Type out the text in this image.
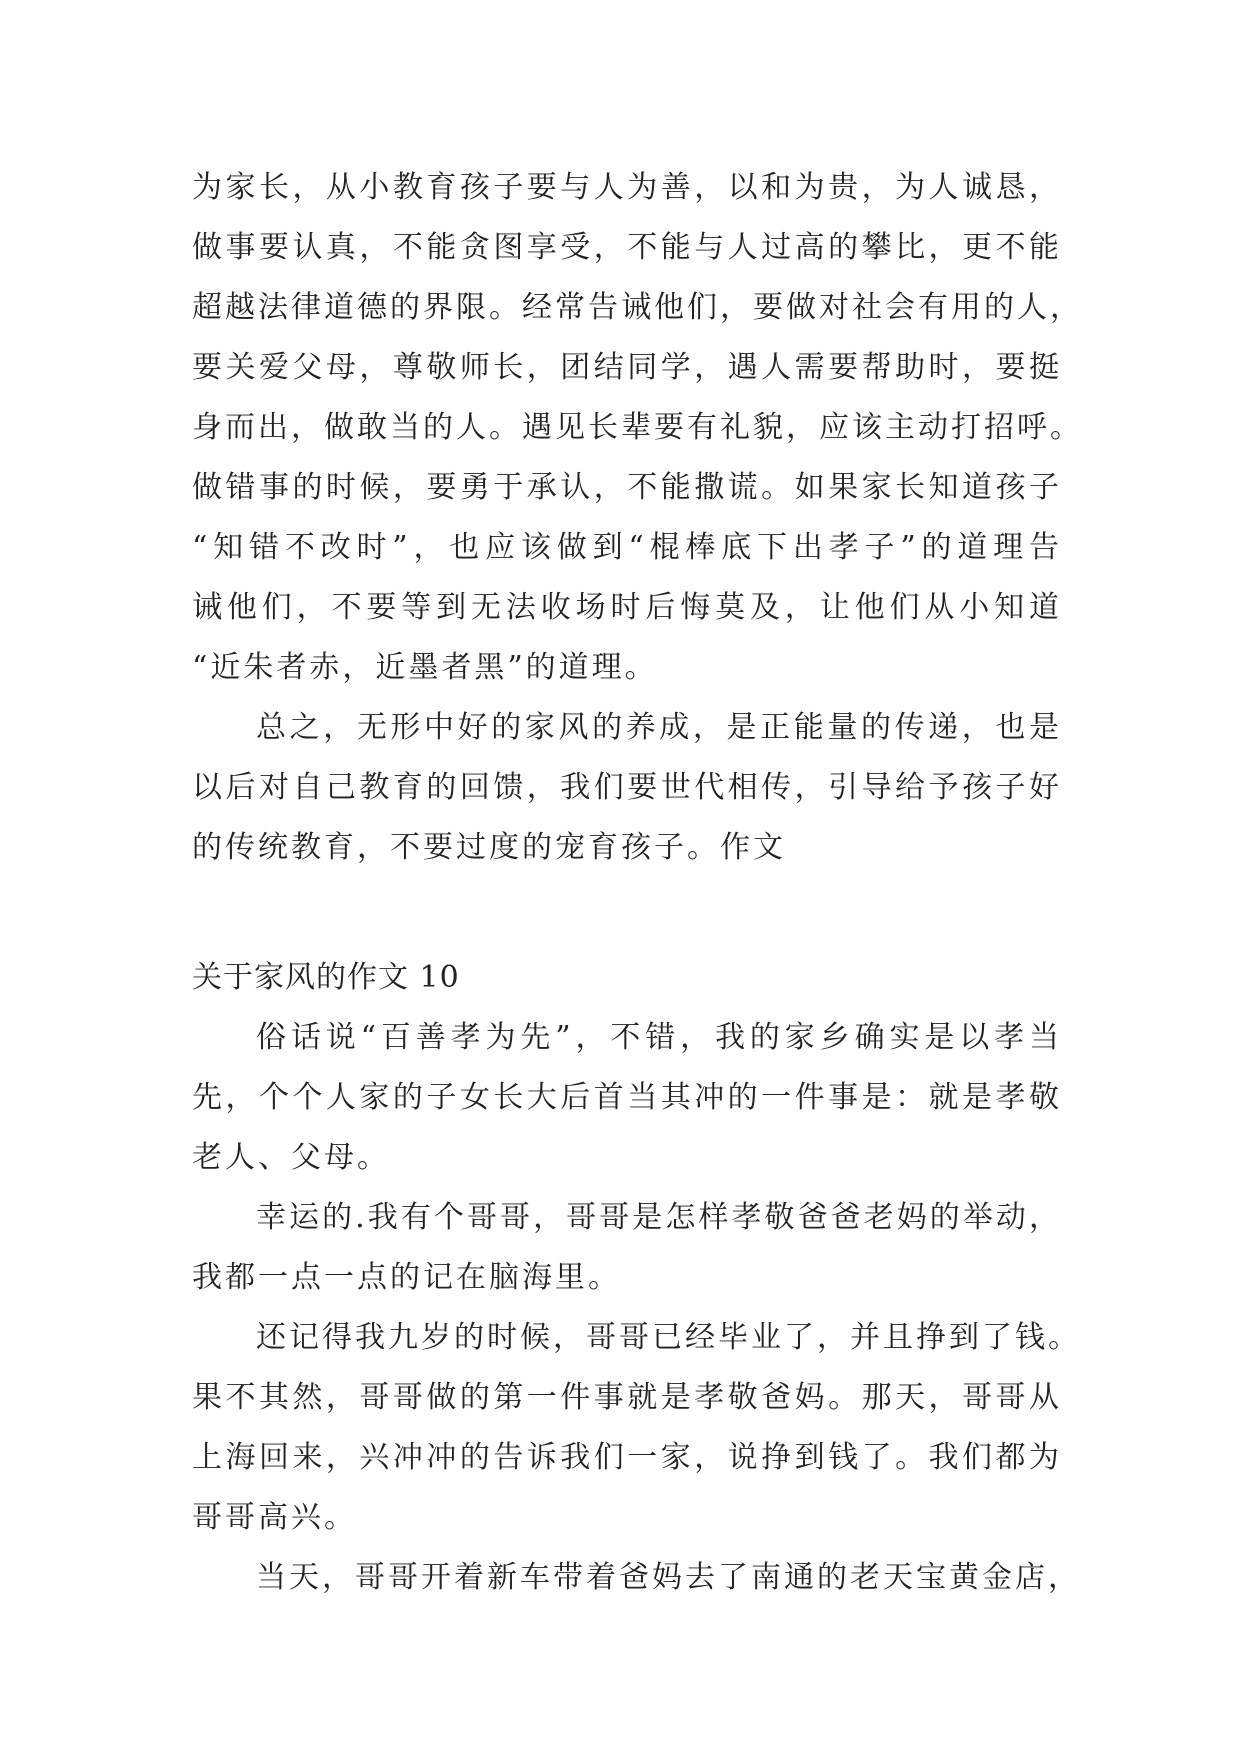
为家长，从小教育孩子要与人为善，以和为贵，为人诚恳，
做事要认真，不能贪图享受，不能与人过高的攀比，更不能
超越法律道德的界限。经常告诫他们，要做对社会有用的人，
要关爱父母，尊敬师长，团结同学，遇人需要帮助时，要挺
身而出，做敢当的人。遇见长辈要有礼貌，应该主动打招呼。
做错事的时候，要勇于承认，不能撒谎。如果家长知道孩子
“知错不改时”，也应该做到“棍棒底下出孝子”的道理告
诫他们，不要等到无法收场时后悔莫及，让他们从小知道
“近朱者赤，近墨者黑”的道理。
总之，无形中好的家风的养成，是正能量的传递，也是
以后对自己教育的回馈，我们要世代相传，引导给予孩子好
的传统教育，不要过度的宠育孩子。作文
关于家风的作文 10
俗话说“百善孝为先”，不错，我的家乡确实是以孝当
先，个个人家的子女长大后首当其冲的一件事是：就是孝敬
老人、父母。
幸运的.我有个哥哥，哥哥是怎样孝敬爸爸老妈的举动，
我都一点一点的记在脑海里。
还记得我九岁的时候，哥哥已经毕业了，并且挣到了钱。
果不其然，哥哥做的第一件事就是孝敬爸妈。那天，哥哥从
上海回来，兴冲冲的告诉我们一家，说挣到钱了。我们都为
哥哥高兴。
当天，哥哥开着新车带着爸妈去了南通的老天宝黄金店，
